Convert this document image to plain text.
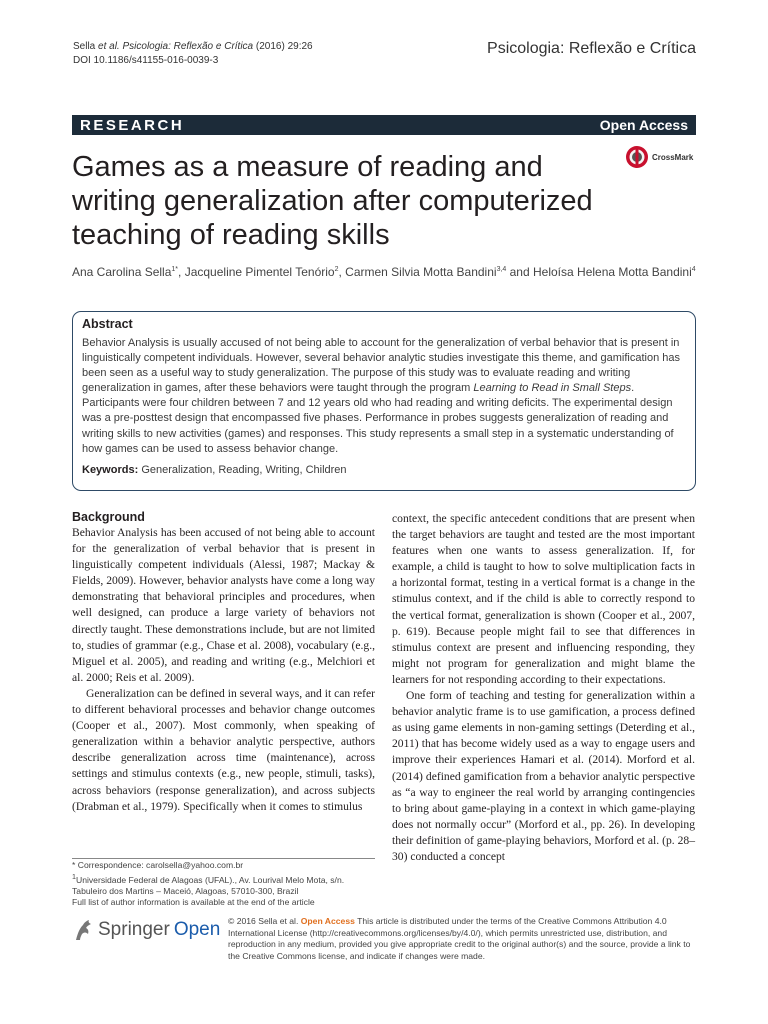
Sella et al. Psicologia: Reflexão e Crítica (2016) 29:26
DOI 10.1186/s41155-016-0039-3
Psicologia: Reflexão e Crítica
RESEARCH	Open Access
Games as a measure of reading and writing generalization after computerized teaching of reading skills
CrossMark
Ana Carolina Sella$^{1*}$, Jacqueline Pimentel Tenório$^2$, Carmen Silvia Motta Bandini$^{3,4}$ and Heloísa Helena Motta Bandini$^4$
Abstract

Behavior Analysis is usually accused of not being able to account for the generalization of verbal behavior that is present in linguistically competent individuals. However, several behavior analytic studies investigate this theme, and gamification has been seen as a useful way to study generalization. The purpose of this study was to evaluate reading and writing generalization in games, after these behaviors were taught through the program Learning to Read in Small Steps. Participants were four children between 7 and 12 years old who had reading and writing deficits. The experimental design was a pre-posttest design that encompassed five phases. Performance in probes suggests generalization of reading and writing skills to new activities (games) and responses. This study represents a small step in a systematic understanding of how games can be used to assess behavior change.

Keywords: Generalization, Reading, Writing, Children
Background

Behavior Analysis has been accused of not being able to account for the generalization of verbal behavior that is present in linguistically competent individuals (Alessi, 1987; Mackay & Fields, 2009). However, behavior analysts have come a long way demonstrating that behavioral principles and procedures, when well designed, can produce a large variety of behaviors not directly taught. These demonstrations include, but are not limited to, studies of grammar (e.g., Chase et al. 2008), vocabulary (e.g., Miguel et al. 2005), and reading and writing (e.g., Melchiori et al. 2000; Reis et al. 2009).

Generalization can be defined in several ways, and it can refer to different behavioral processes and behavior change outcomes (Cooper et al., 2007). Most commonly, when speaking of generalization within a behavior analytic perspective, authors describe generalization across time (maintenance), across settings and stimulus contexts (e.g., new people, stimuli, tasks), across behaviors (response generalization), and across subjects (Drabman et al., 1979). Specifically when it comes to stimulus

context, the specific antecedent conditions that are present when the target behaviors are taught and tested are the most important features when one wants to assess generalization. If, for example, a child is taught to how to solve multiplication facts in a horizontal format, testing in a vertical format is a change in the stimulus context, and if the child is able to correctly respond to the vertical format, generalization is shown (Cooper et al., 2007, p. 619). Because people might fail to see that differences in stimulus context are present and influencing responding, they might not program for generalization and might blame the learners for not responding according to their expectations.

One form of teaching and testing for generalization within a behavior analytic frame is to use gamification, a process defined as using game elements in non-gaming settings (Deterding et al., 2011) that has become widely used as a way to engage users and improve their experiences Hamari et al. (2014). Morford et al. (2014) defined gamification from a behavior analytic perspective as “a way to engineer the real world by arranging contingencies to bring about game-playing in a context in which game-playing does not normally occur” (Morford et al., pp. 26). In developing their definition of game-playing behaviors, Morford et al. (p. 28–30) conducted a concept

* Correspondence: carolsella@yahoo.com.br
$^1$Universidade Federal de Alagoas (UFAL)., Av. Lourival Melo Mota, s/n. Tabuleiro dos Martins – Maceió, Alagoas, 57010-300, Brazil
Full list of author information is available at the end of the article
Springer Open © 2016 Sella et al. Open Access This article is distributed under the terms of the Creative Commons Attribution 4.0 International License (http://creativecommons.org/licenses/by/4.0/), which permits unrestricted use, distribution, and reproduction in any medium, provided you give appropriate credit to the original author(s) and the source, provide a link to the Creative Commons license, and indicate if changes were made.
